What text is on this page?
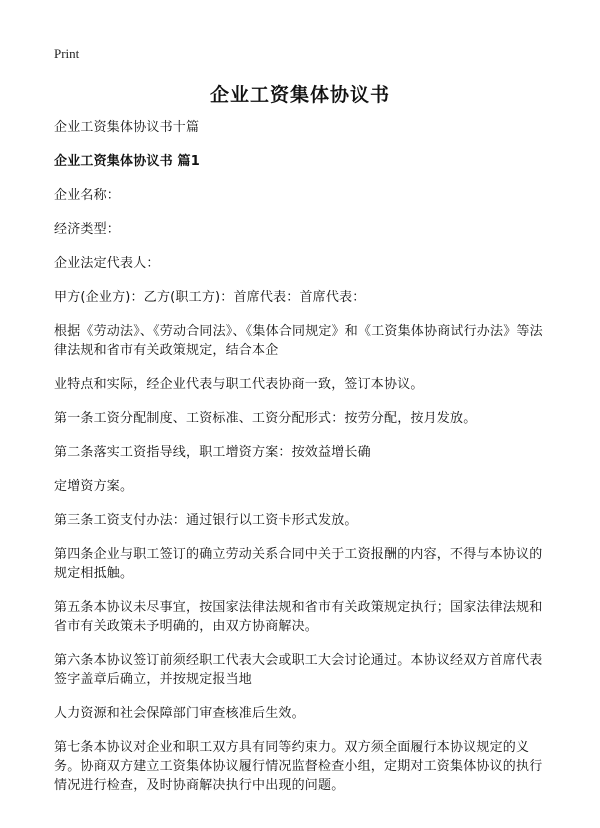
Print
企业工资集体协议书

企业工资集体协议书十篇

企业工资集体协议书 篇1

企业名称：

经济类型：

企业法定代表人：

甲方(企业方)：乙方(职工方)：首席代表：首席代表：

根据《劳动法》、《劳动合同法》、《集体合同规定》和《工资集体协商试行办法》等法律法规和省市有关政策规定，结合本企

业特点和实际，经企业代表与职工代表协商一致，签订本协议。

第一条工资分配制度、工资标准、工资分配形式：按劳分配，按月发放。

第二条落实工资指导线，职工增资方案：按效益增长确

定增资方案。

第三条工资支付办法：通过银行以工资卡形式发放。

第四条企业与职工签订的确立劳动关系合同中关于工资报酬的内容，不得与本协议的规定相抵触。

第五条本协议未尽事宜，按国家法律法规和省市有关政策规定执行；国家法律法规和省市有关政策未予明确的，由双方协商解决。

第六条本协议签订前须经职工代表大会或职工大会讨论通过。本协议经双方首席代表签字盖章后确立，并按规定报当地

人力资源和社会保障部门审查核准后生效。

第七条本协议对企业和职工双方具有同等约束力。双方须全面履行本协议规定的义务。协商双方建立工资集体协议履行情况监督检查小组，定期对工资集体协议的执行情况进行检查，及时协商解决执行中出现的问题。
